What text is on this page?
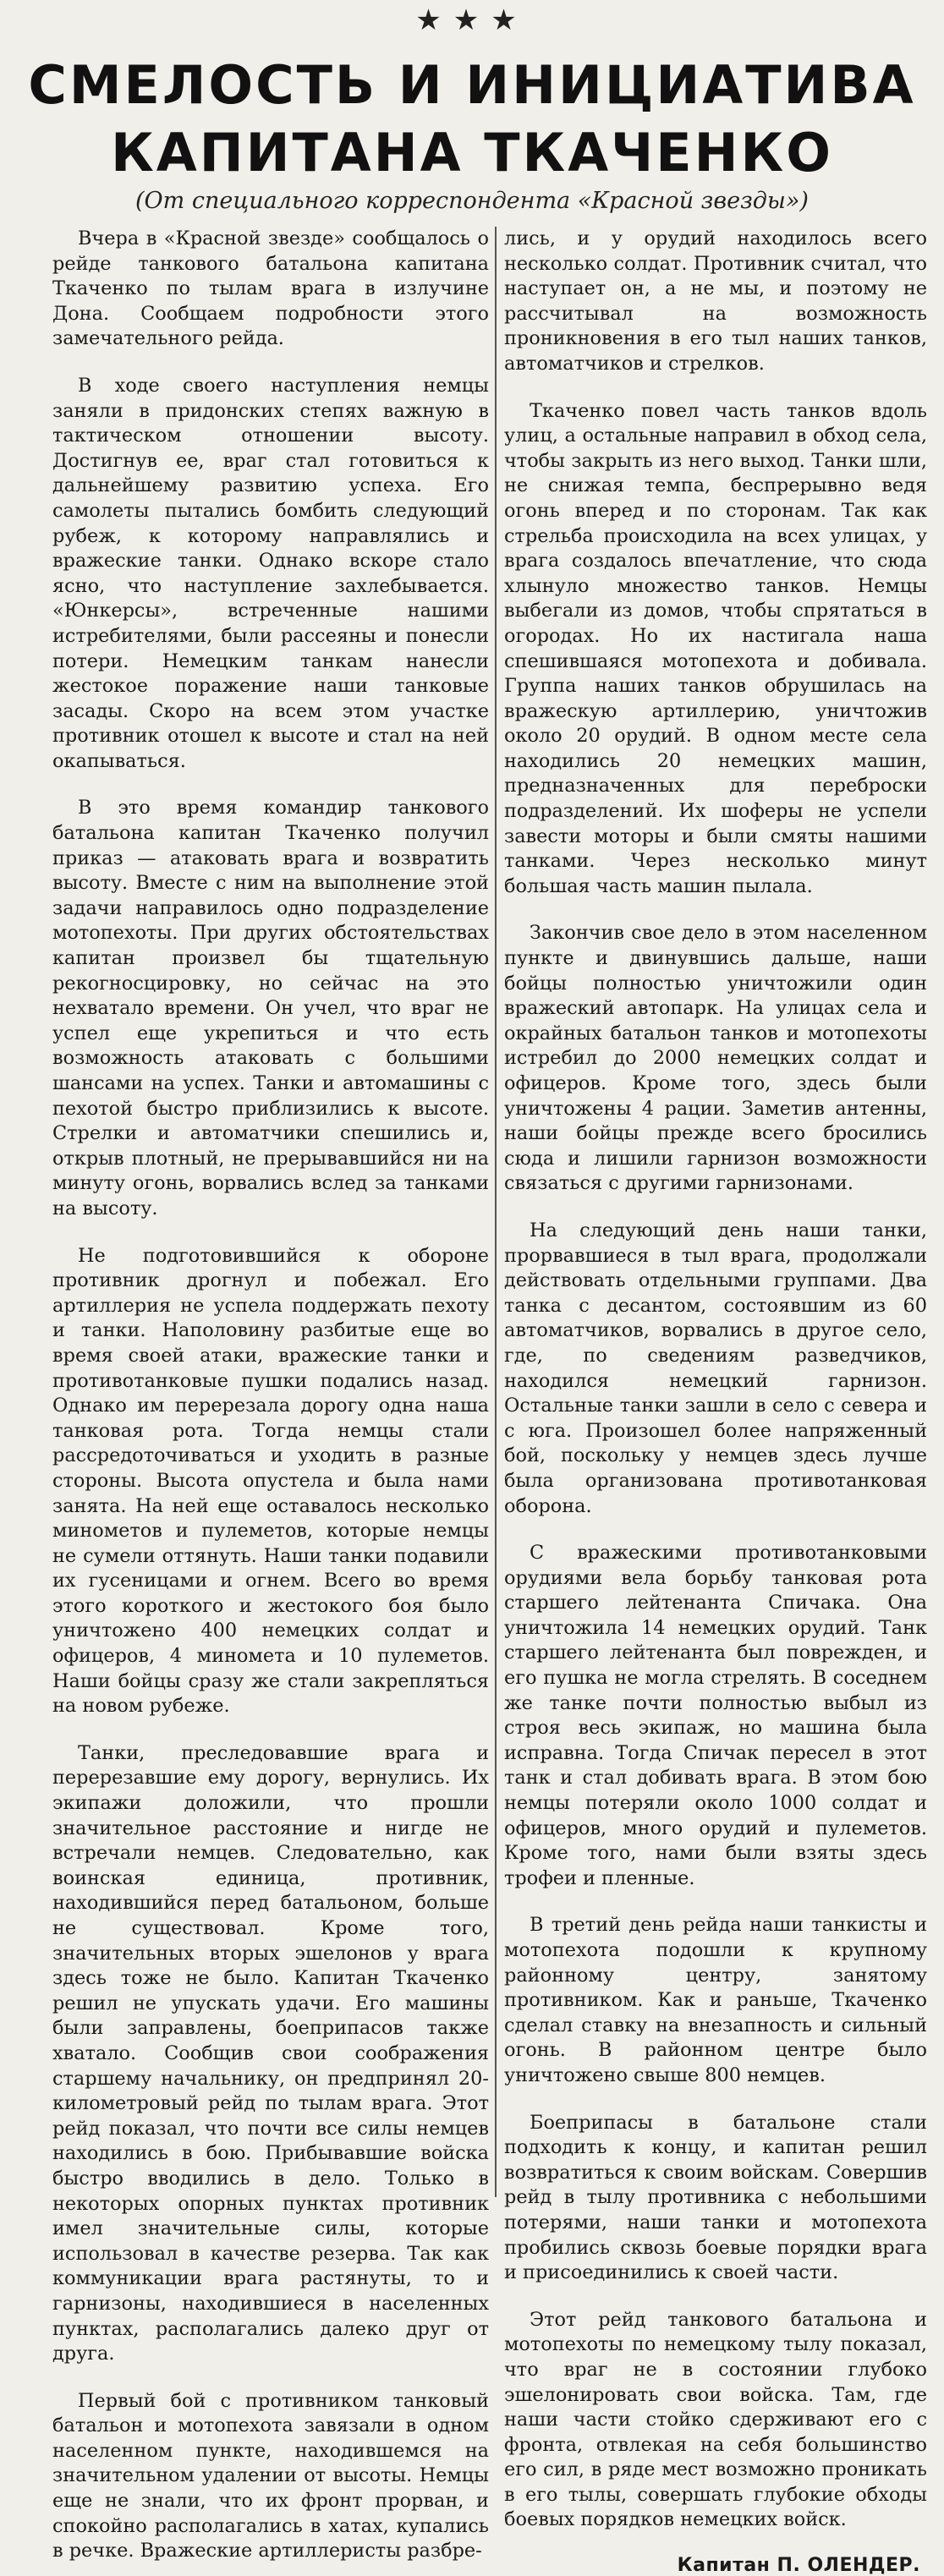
★★★
СМЕЛОСТЬ И ИНИЦИАТИВА
КАПИТАНА ТКАЧЕНКО
(От специального корреспондента «Красной звезды»)

Вчера в «Красной звезде» сообщалось о рейде танкового батальона капитана Ткаченко по тылам врага в излучине Дона. Сообщаем подробности этого замечательного рейда.

В ходе своего наступления немцы заняли в придонских степях важную в тактическом отношении высоту. Достигнув ее, враг стал готовиться к дальнейшему развитию успеха. Его самолеты пытались бомбить следующий рубеж, к которому направлялись и вражеские танки. Однако вскоре стало ясно, что наступление захлебывается. «Юнкерсы», встреченные нашими истребителями, были рассеяны и понесли потери. Немецким танкам нанесли жестокое поражение наши танковые засады. Скоро на всем этом участке противник отошел к высоте и стал на ней окапываться.

В это время командир танкового батальона капитан Ткаченко получил приказ — атаковать врага и возвратить высоту. Вместе с ним на выполнение этой задачи направилось одно подразделение мотопехоты. При других обстоятельствах капитан произвел бы тщательную рекогносцировку, но сейчас на это нехватало времени. Он учел, что враг не успел еще укрепиться и что есть возможность атаковать с большими шансами на успех. Танки и автомашины с пехотой быстро приблизились к высоте. Стрелки и автоматчики спешились и, открыв плотный, не прерывавшийся ни на минуту огонь, ворвались вслед за танками на высоту.

Не подготовившийся к обороне противник дрогнул и побежал. Его артиллерия не успела поддержать пехоту и танки. Наполовину разбитые еще во время своей атаки, вражеские танки и противотанковые пушки подались назад. Однако им перерезала дорогу одна наша танковая рота. Тогда немцы стали рассредоточиваться и уходить в разные стороны. Высота опустела и была нами занята. На ней еще оставалось несколько минометов и пулеметов, которые немцы не сумели оттянуть. Наши танки подавили их гусеницами и огнем. Всего во время этого короткого и жестокого боя было уничтожено 400 немецких солдат и офицеров, 4 миномета и 10 пулеметов. Наши бойцы сразу же стали закрепляться на новом рубеже.

Танки, преследовавшие врага и перерезавшие ему дорогу, вернулись. Их экипажи доложили, что прошли значительное расстояние и нигде не встречали немцев. Следовательно, как воинская единица, противник, находившийся перед батальоном, больше не существовал. Кроме того, значительных вторых эшелонов у врага здесь тоже не было. Капитан Ткаченко решил не упускать удачи. Его машины были заправлены, боеприпасов также хватало. Сообщив свои соображения старшему начальнику, он предпринял 20-километровый рейд по тылам врага. Этот рейд показал, что почти все силы немцев находились в бою. Прибывавшие войска быстро вводились в дело. Только в некоторых опорных пунктах противник имел значительные силы, которые использовал в качестве резерва. Так как коммуникации врага растянуты, то и гарнизоны, находившиеся в населенных пунктах, располагались далеко друг от друга.

Первый бой с противником танковый батальон и мотопехота завязали в одном населенном пункте, находившемся на значительном удалении от высоты. Немцы еще не знали, что их фронт прорван, и спокойно располагались в хатах, купались в речке. Вражеские артиллеристы разбре-

лись, и у орудий находилось всего несколько солдат. Противник считал, что наступает он, а не мы, и поэтому не рассчитывал на возможность проникновения в его тыл наших танков, автоматчиков и стрелков.

Ткаченко повел часть танков вдоль улиц, а остальные направил в обход села, чтобы закрыть из него выход. Танки шли, не снижая темпа, беспрерывно ведя огонь вперед и по сторонам. Так как стрельба происходила на всех улицах, у врага создалось впечатление, что сюда хлынуло множество танков. Немцы выбегали из домов, чтобы спрятаться в огородах. Но их настигала наша спешившаяся мотопехота и добивала. Группа наших танков обрушилась на вражескую артиллерию, уничтожив около 20 орудий. В одном месте села находились 20 немецких машин, предназначенных для переброски подразделений. Их шоферы не успели завести моторы и были смяты нашими танками. Через несколько минут большая часть машин пылала.

Закончив свое дело в этом населенном пункте и двинувшись дальше, наши бойцы полностью уничтожили один вражеский автопарк. На улицах села и окрайных батальон танков и мотопехоты истребил до 2000 немецких солдат и офицеров. Кроме того, здесь были уничтожены 4 рации. Заметив антенны, наши бойцы прежде всего бросились сюда и лишили гарнизон возможности связаться с другими гарнизонами.

На следующий день наши танки, прорвавшиеся в тыл врага, продолжали действовать отдельными группами. Два танка с десантом, состоявшим из 60 автоматчиков, ворвались в другое село, где, по сведениям разведчиков, находился немецкий гарнизон. Остальные танки зашли в село с севера и с юга. Произошел более напряженный бой, поскольку у немцев здесь лучше была организована противотанковая оборона.

С вражескими противотанковыми орудиями вела борьбу танковая рота старшего лейтенанта Спичака. Она уничтожила 14 немецких орудий. Танк старшего лейтенанта был поврежден, и его пушка не могла стрелять. В соседнем же танке почти полностью выбыл из строя весь экипаж, но машина была исправна. Тогда Спичак пересел в этот танк и стал добивать врага. В этом бою немцы потеряли около 1000 солдат и офицеров, много орудий и пулеметов. Кроме того, нами были взяты здесь трофеи и пленные.

В третий день рейда наши танкисты и мотопехота подошли к крупному районному центру, занятому противником. Как и раньше, Ткаченко сделал ставку на внезапность и сильный огонь. В районном центре было уничтожено свыше 800 немцев.

Боеприпасы в батальоне стали подходить к концу, и капитан решил возвратиться к своим войскам. Совершив рейд в тылу противника с небольшими потерями, наши танки и мотопехота пробились сквозь боевые порядки врага и присоединились к своей части.

Этот рейд танкового батальона и мотопехоты по немецкому тылу показал, что враг не в состоянии глубоко эшелонировать свои войска. Там, где наши части стойко сдерживают его с фронта, отвлекая на себя большинство его сил, в ряде мест возможно проникать в его тылы, совершать глубокие обходы боевых порядков немецких войск.

Капитан П. ОЛЕНДЕР.
